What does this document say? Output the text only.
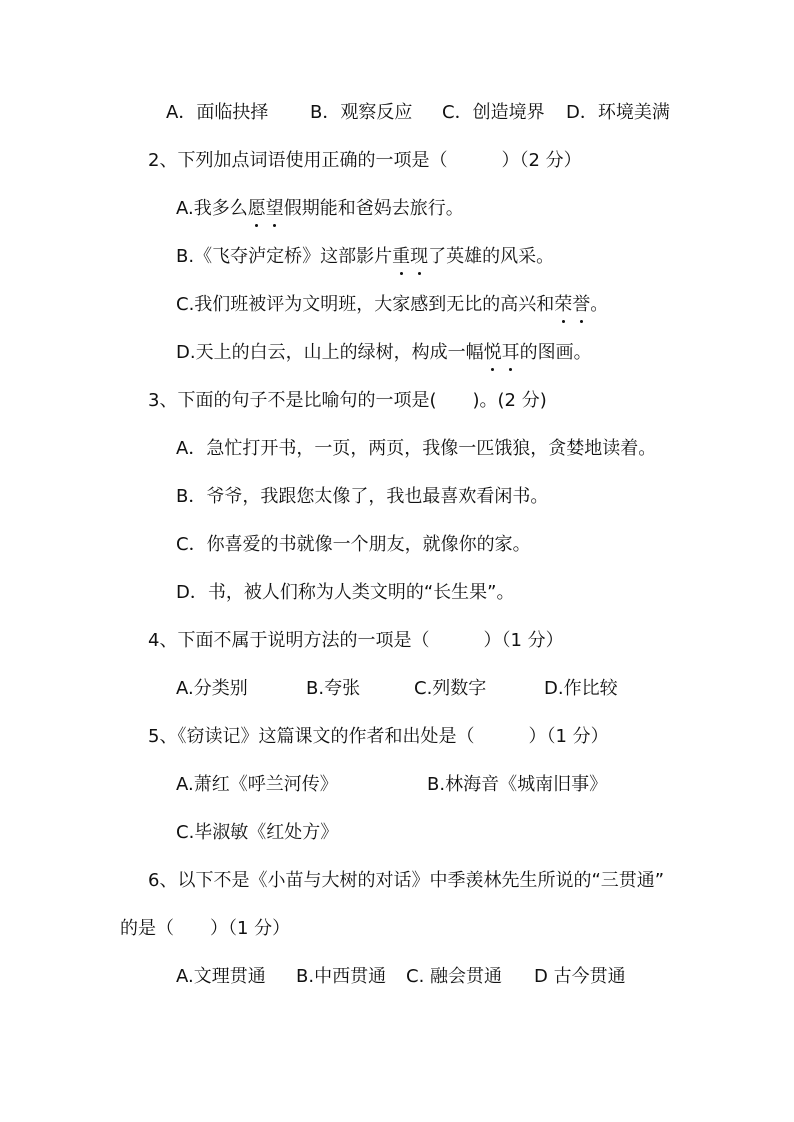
A．面临抉择 B．观察反应 C．创造境界 D．环境美满
2、下列加点词语使用正确的一项是（　　　）（2 分）
A.我多么愿望假期能和爸妈去旅行。
B.《飞夺泸定桥》这部影片重现了英雄的风采。
C.我们班被评为文明班，大家感到无比的高兴和荣誉。
D.天上的白云，山上的绿树，构成一幅悦耳的图画。
3、下面的句子不是比喻句的一项是(　　)。(2 分)
A．急忙打开书，一页，两页，我像一匹饿狼，贪婪地读着。
B．爷爷，我跟您太像了，我也最喜欢看闲书。
C．你喜爱的书就像一个朋友，就像你的家。
D．书，被人们称为人类文明的“长生果”。
4、下面不属于说明方法的一项是（　　　）（1 分）
A.分类别	B.夸张	C.列数字	D.作比较
5、《窃读记》这篇课文的作者和出处是（　　　）（1 分）
A.萧红《呼兰河传》	B.林海音《城南旧事》
C.毕淑敏《红处方》
6、以下不是《小苗与大树的对话》中季羡林先生所说的“三贯通”
的是（　　）（1 分）
A.文理贯通 B.中西贯通 C. 融会贯通 D 古今贯通
